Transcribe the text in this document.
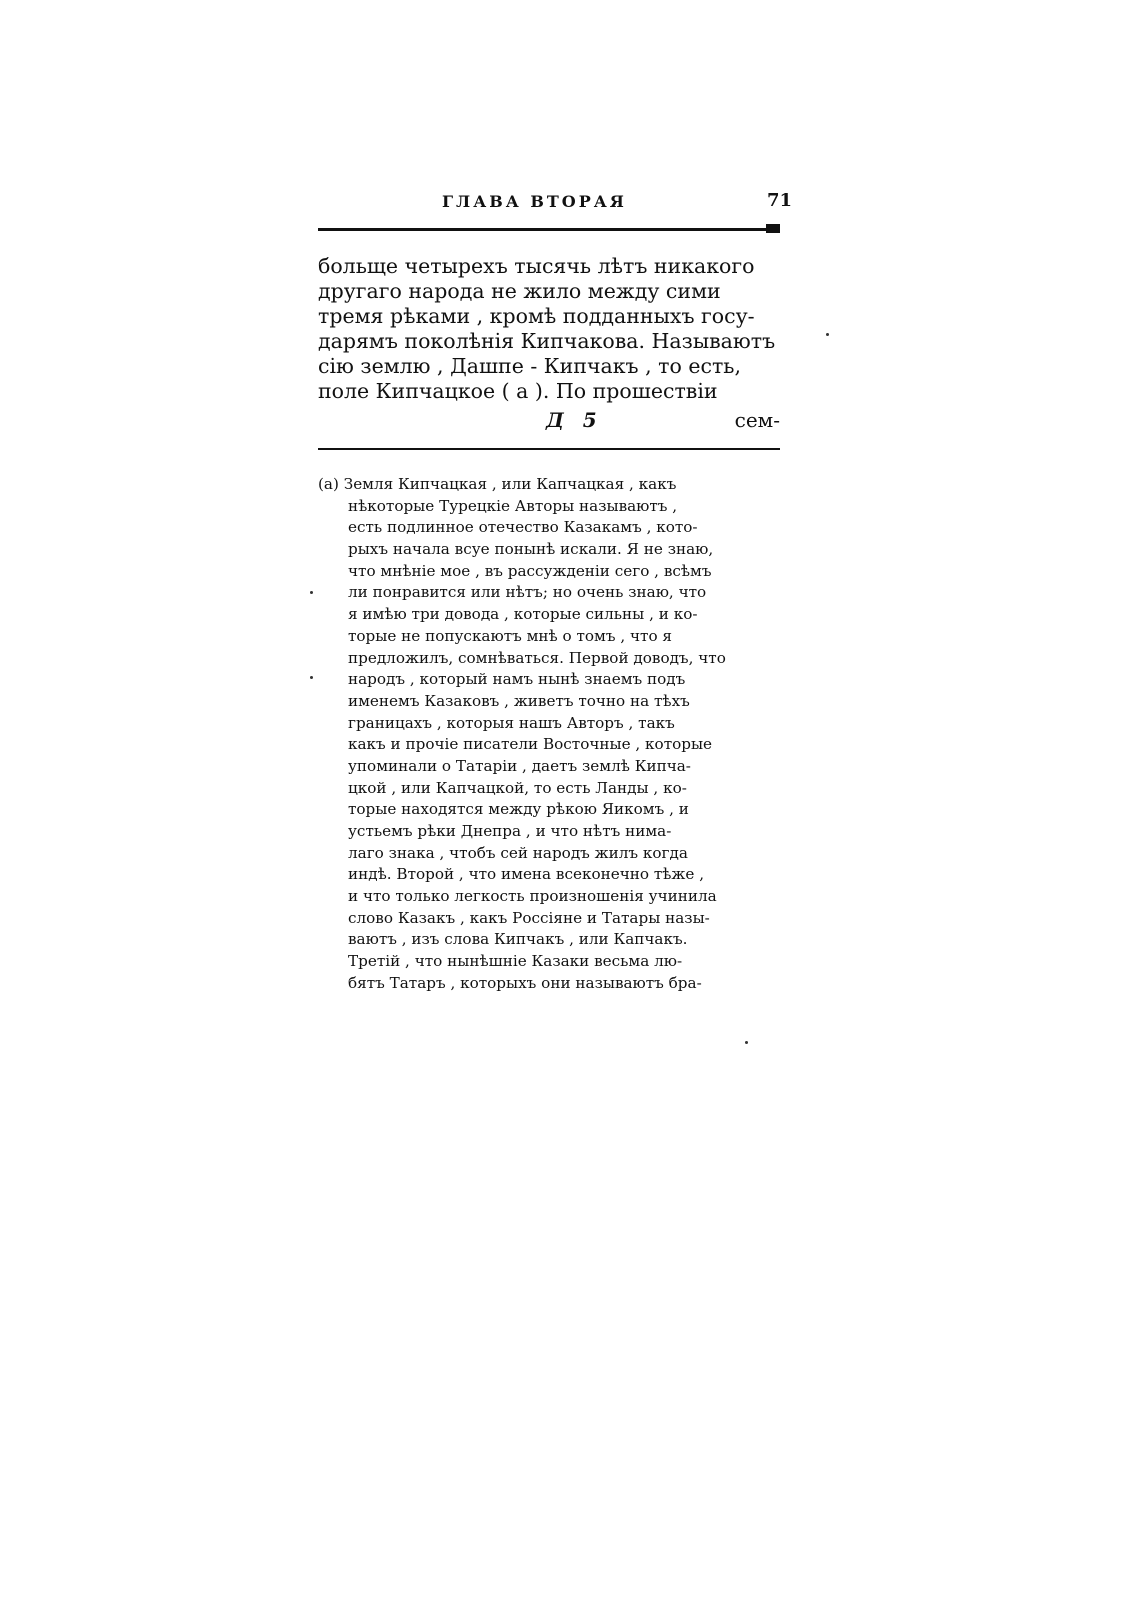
ГЛАВА ВТОРАЯ	71
больще четырехъ тысячь лѣтъ никакого
другаго народа не жило между сими
тремя рѣками , кромѣ подданныхъ госу-
дарямъ поколѣнія Кипчакова. Называютъ
сію землю , Дашпе - Кипчакъ , то есть,
поле Кипчацкое ( a ). По прошествіи
Д 5	сем-
(a) Земля Кипчацкая , или Капчацкая , какъ
нѣкоторые Турецкіе Авторы называютъ ,
есть подлинное отечество Казакамъ , кото-
рыхъ начала всуе понынѣ искали. Я не знаю,
что мнѣніе мое , въ рассужденіи сего , всѣмъ
ли понравится или нѣтъ; но очень знаю, что
я имѣю три довода , которые сильны , и ко-
торые не попускаютъ мнѣ о томъ , что я
предложилъ, сомнѣваться. Первой доводъ, что
народъ , который намъ нынѣ знаемъ подъ
именемъ Казаковъ , живетъ точно на тѣхъ
границахъ , которыя нашъ Авторъ , такъ
какъ и прочіе писатели Восточные , которые
упоминали о Татаріи , даетъ землѣ Кипча-
цкой , или Капчацкой, то есть Ланды , ко-
торые находятся между рѣкою Яикомъ , и
устьемъ рѣки Днепра , и что нѣтъ нима-
лаго знака , чтобъ сей народъ жилъ когда
индѣ. Второй , что имена всеконечно тѣже ,
и что только легкость произношенія учинила
слово Казакъ , какъ Россіяне и Татары назы-
ваютъ , изъ слова Кипчакъ , или Капчакъ.
Третій , что нынѣшніе Казаки весьма лю-
бятъ Татаръ , которыхъ они называютъ бра-
